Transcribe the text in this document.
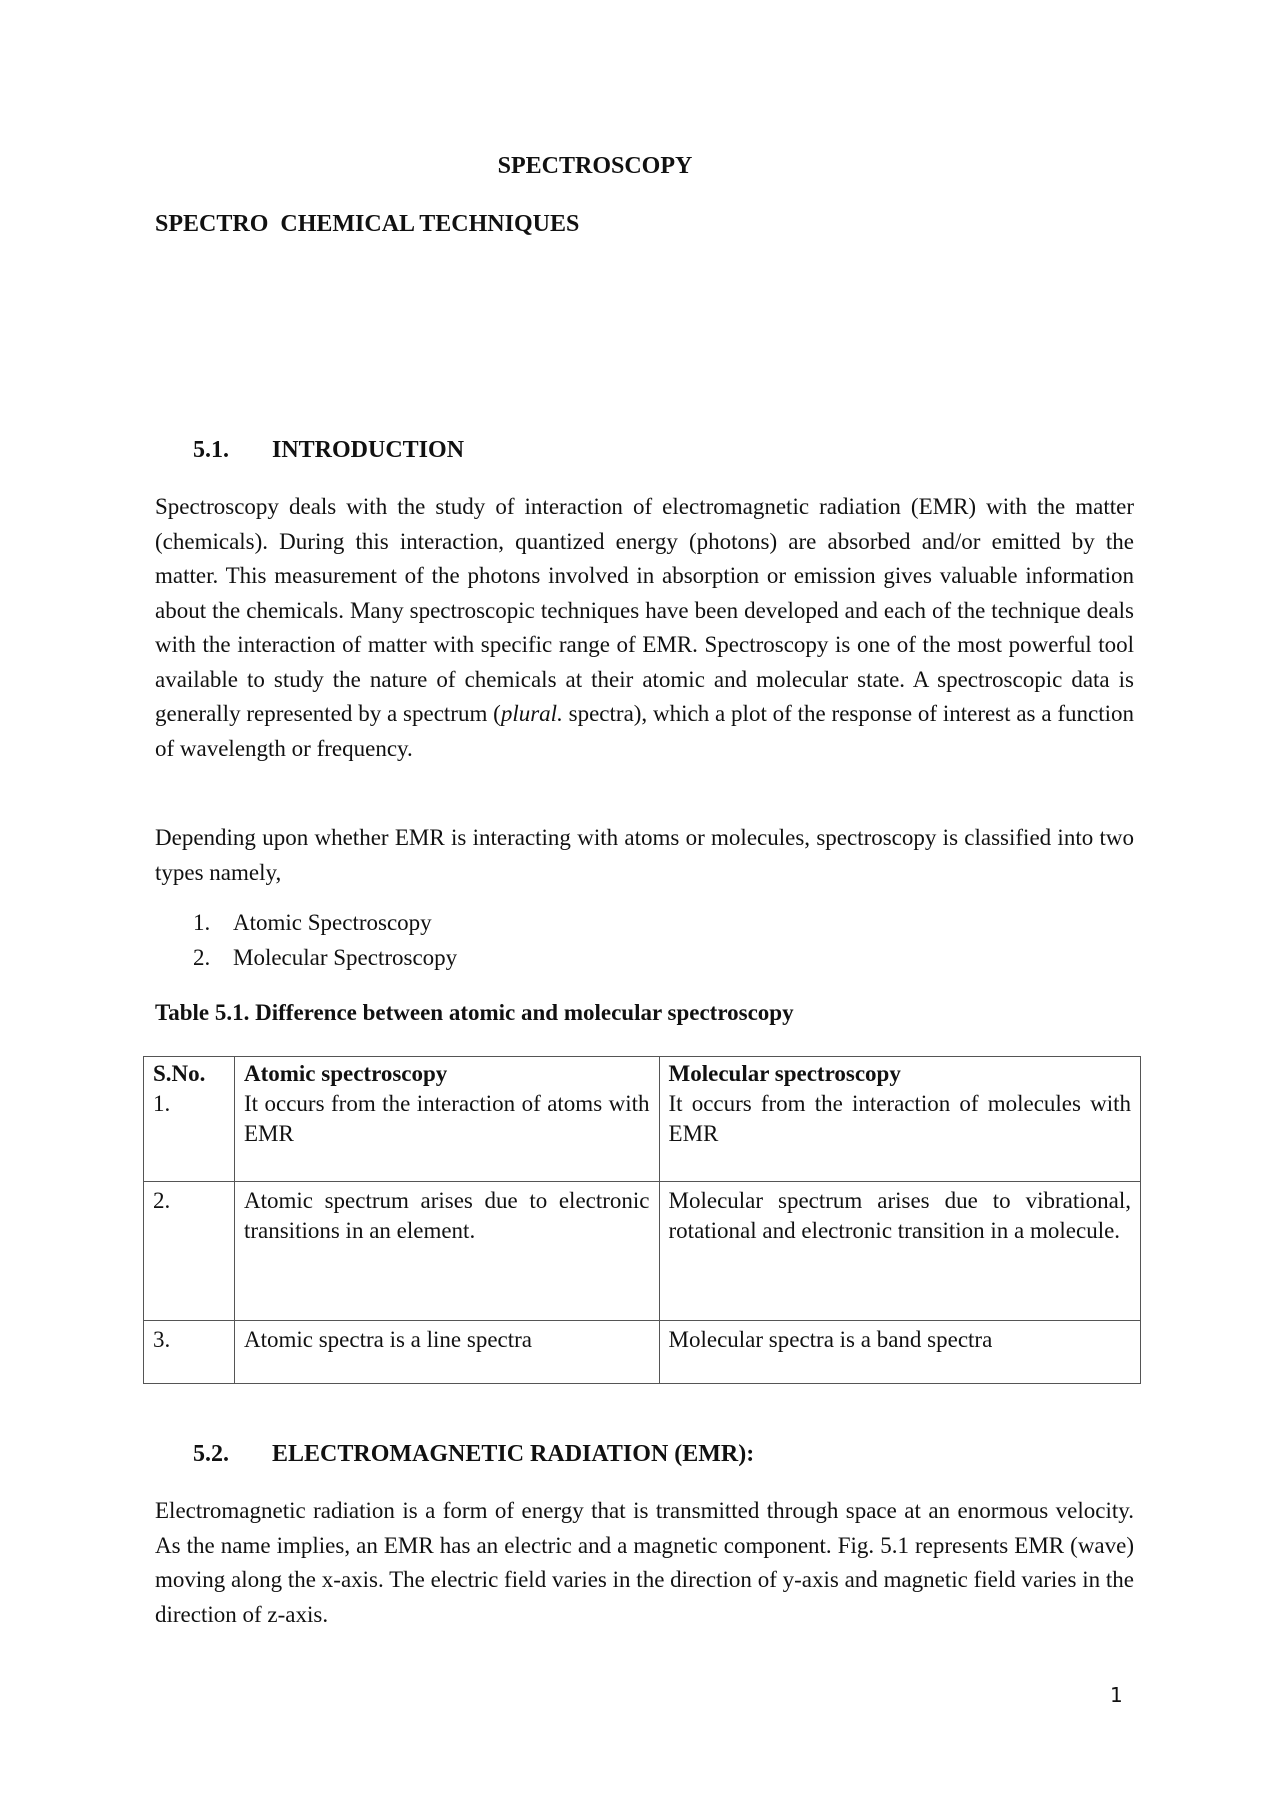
SPECTROSCOPY
SPECTRO  CHEMICAL TECHNIQUES
5.1. INTRODUCTION

Spectroscopy deals with the study of interaction of electromagnetic radiation (EMR) with the matter (chemicals). During this interaction, quantized energy (photons) are absorbed and/or emitted by the matter. This measurement of the photons involved in absorption or emission gives valuable information about the chemicals. Many spectroscopic techniques have been developed and each of the technique deals with the interaction of matter with specific range of EMR. Spectroscopy is one of the most powerful tool available to study the nature of chemicals at their atomic and molecular state. A spectroscopic data is generally represented by a spectrum (plural. spectra), which a plot of the response of interest as a function of wavelength or frequency.

Depending upon whether EMR is interacting with atoms or molecules, spectroscopy is classified into two types namely,

1. Atomic Spectroscopy
2. Molecular Spectroscopy
Table 5.1. Difference between atomic and molecular spectroscopy
S.No.	Atomic spectroscopy	Molecular spectroscopy
1.	It occurs from the interaction of atoms with EMR	It occurs from the interaction of molecules with EMR
2.	Atomic spectrum arises due to electronic transitions in an element.	Molecular spectrum arises due to vibrational, rotational and electronic transition in a molecule.
3.	Atomic spectra is a line spectra	Molecular spectra is a band spectra
5.2. ELECTROMAGNETIC RADIATION (EMR):

Electromagnetic radiation is a form of energy that is transmitted through space at an enormous velocity. As the name implies, an EMR has an electric and a magnetic component. Fig. 5.1 represents EMR (wave) moving along the x-axis. The electric field varies in the direction of y-axis and magnetic field varies in the direction of z-axis.

1
